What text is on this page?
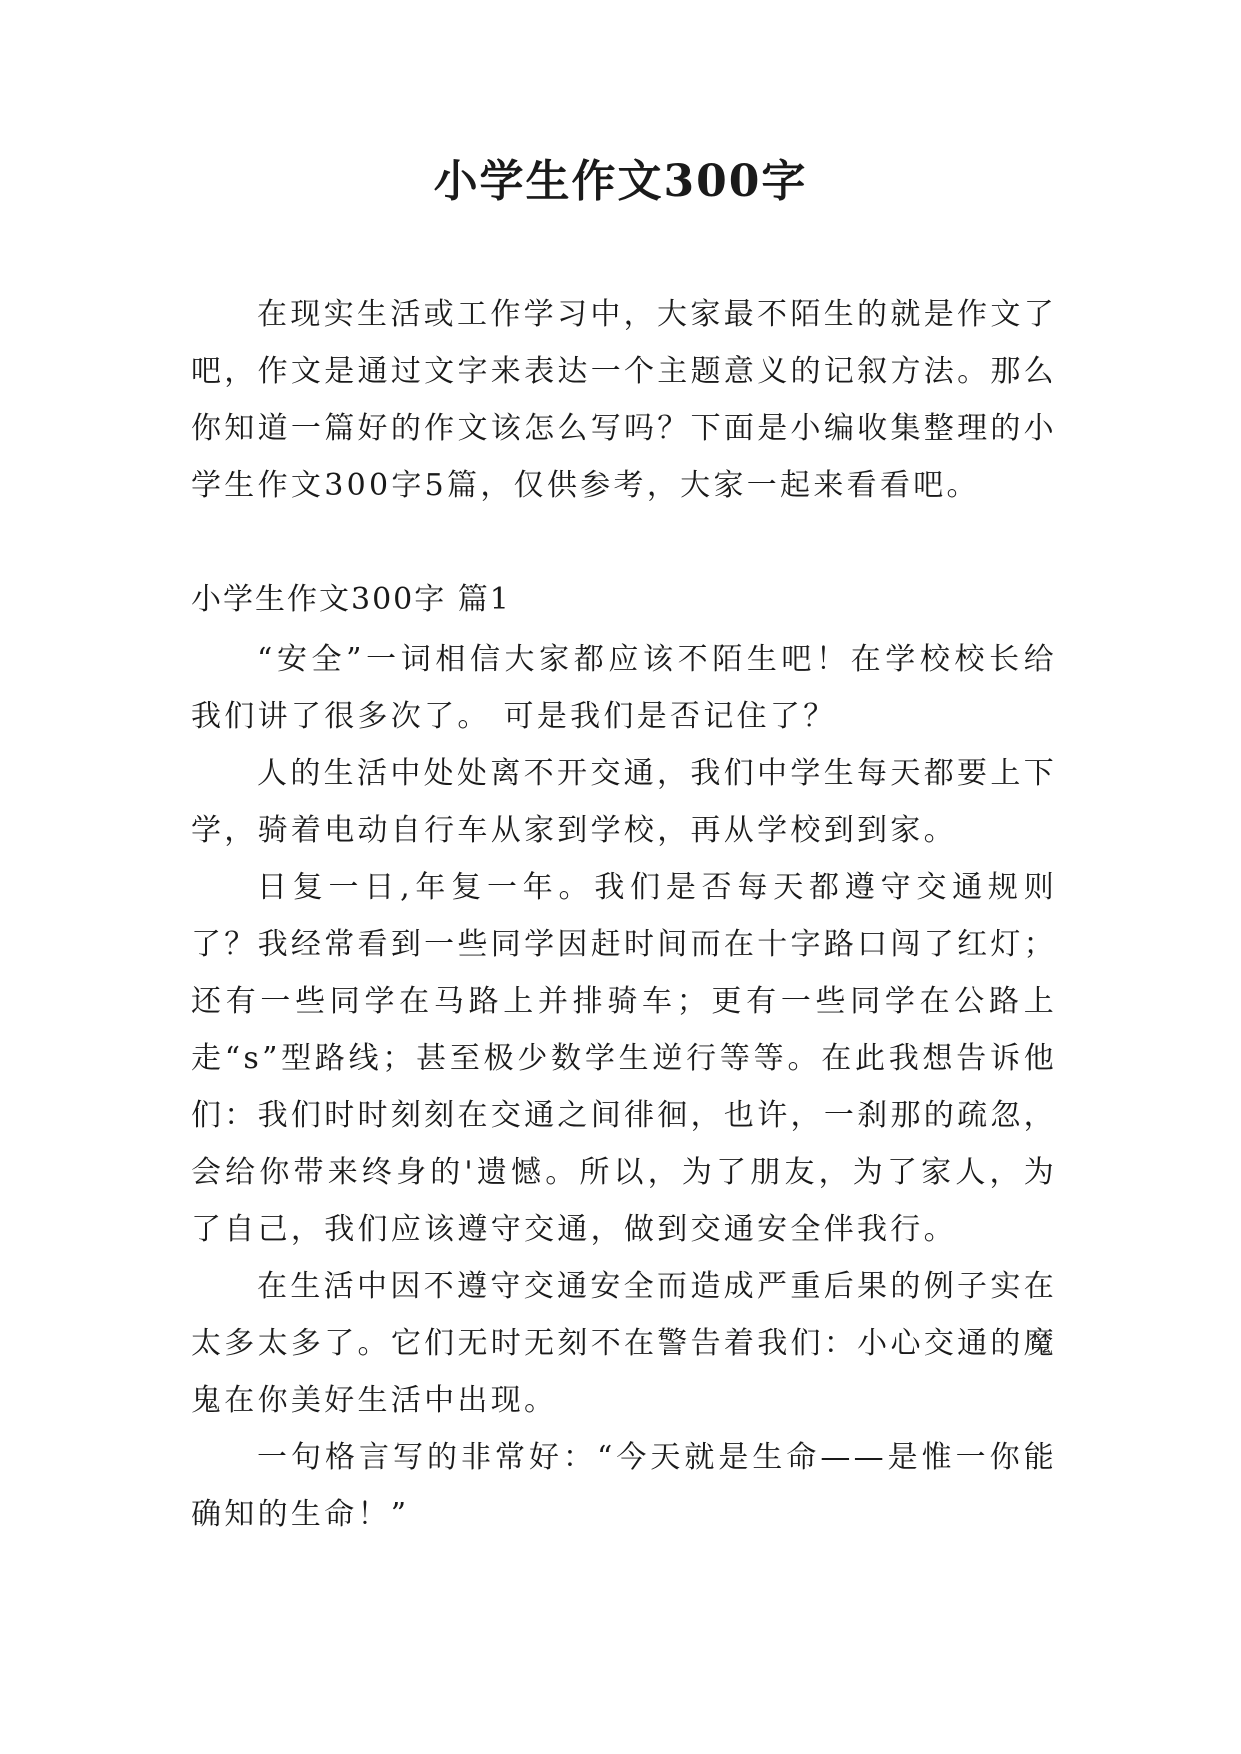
小学生作文300字

在现实生活或工作学习中，大家最不陌生的就是作文了吧，作文是通过文字来表达一个主题意义的记叙方法。那么你知道一篇好的作文该怎么写吗？下面是小编收集整理的小学生作文300字5篇，仅供参考，大家一起来看看吧。

小学生作文300字 篇1

“安全”一词相信大家都应该不陌生吧！在学校校长给我们讲了很多次了。 可是我们是否记住了？

人的生活中处处离不开交通，我们中学生每天都要上下学，骑着电动自行车从家到学校，再从学校到到家。

日复一日,年复一年。我们是否每天都遵守交通规则了？我经常看到一些同学因赶时间而在十字路口闯了红灯；还有一些同学在马路上并排骑车；更有一些同学在公路上走“s”型路线；甚至极少数学生逆行等等。在此我想告诉他们：我们时时刻刻在交通之间徘徊，也许，一刹那的疏忽，会给你带来终身的'遗憾。所以，为了朋友，为了家人，为了自己，我们应该遵守交通，做到交通安全伴我行。

在生活中因不遵守交通安全而造成严重后果的例子实在太多太多了。它们无时无刻不在警告着我们：小心交通的魔鬼在你美好生活中出现。

一句格言写的非常好：“今天就是生命——是惟一你能确知的生命！”
